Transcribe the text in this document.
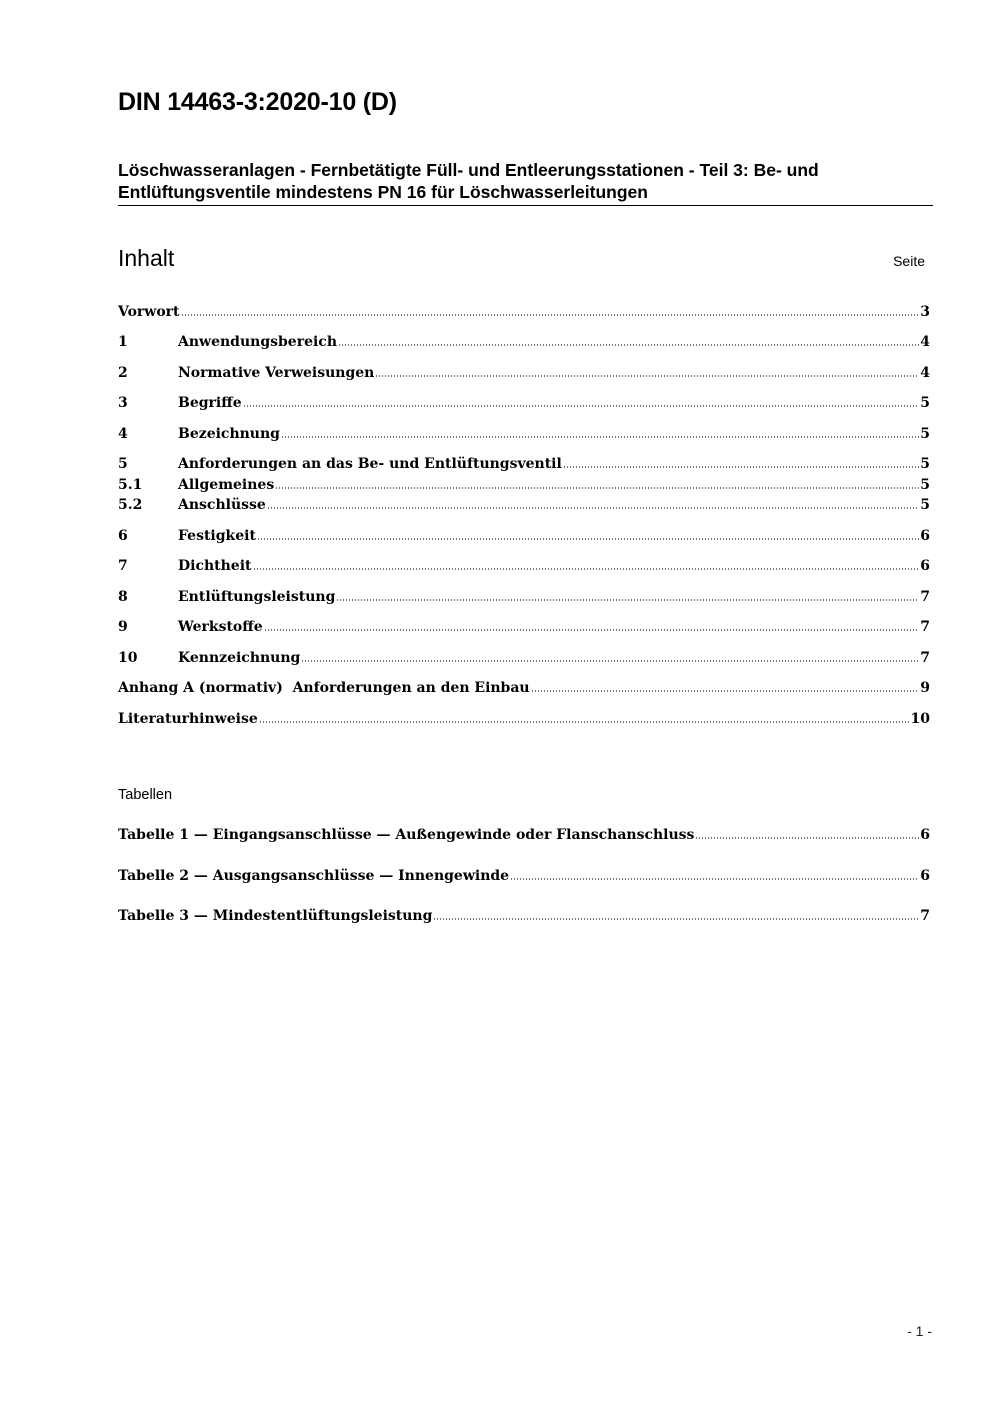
DIN 14463-3:2020-10 (D)
Löschwasseranlagen - Fernbetätigte Füll- und Entleerungsstationen - Teil 3: Be- und Entlüftungsventile mindestens PN 16 für Löschwasserleitungen
Inhalt	Seite
Vorwort	3
1	Anwendungsbereich	4
2	Normative Verweisungen	4
3	Begriffe	5
4	Bezeichnung	5
5	Anforderungen an das Be- und Entlüftungsventil	5
5.1	Allgemeines	5
5.2	Anschlüsse	5
6	Festigkeit	6
7	Dichtheit	6
8	Entlüftungsleistung	7
9	Werkstoffe	7
10	Kennzeichnung	7
Anhang A (normativ)  Anforderungen an den Einbau	9
Literaturhinweise	10
Tabellen
Tabelle 1 — Eingangsanschlüsse — Außengewinde oder Flanschanschluss	6
Tabelle 2 — Ausgangsanschlüsse — Innengewinde	6
Tabelle 3 — Mindestentlüftungsleistung	7
- 1 -
